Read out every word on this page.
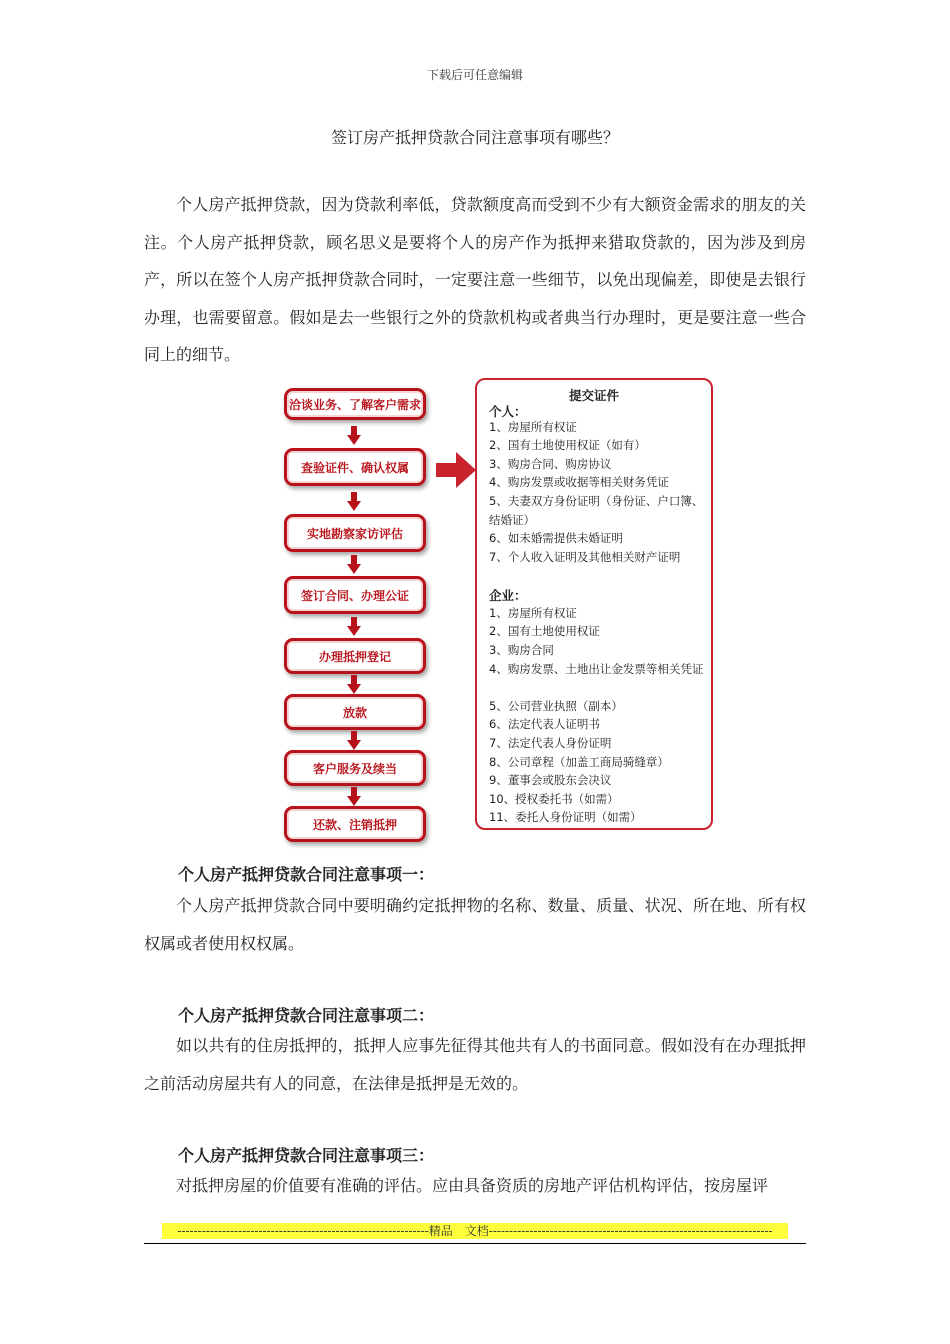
下载后可任意编辑
签订房产抵押贷款合同注意事项有哪些？

个人房产抵押贷款，因为贷款利率低，贷款额度高而受到不少有大额资金需求的朋友的关注。个人房产抵押贷款，顾名思义是要将个人的房产作为抵押来猎取贷款的，因为涉及到房产，所以在签个人房产抵押贷款合同时，一定要注意一些细节，以免出现偏差，即使是去银行办理，也需要留意。假如是去一些银行之外的贷款机构或者典当行办理时，更是要注意一些合同上的细节。

洽谈业务、了解客户需求
查验证件、确认权属
实地勘察家访评估
签订合同、办理公证
办理抵押登记
放款
客户服务及续当
还款、注销抵押
提交证件
个人：
1、房屋所有权证
2、国有土地使用权证（如有）
3、购房合同、购房协议
4、购房发票或收据等相关财务凭证
5、夫妻双方身份证明（身份证、户口簿、结婚证）
6、如未婚需提供未婚证明
7、个人收入证明及其他相关财产证明
企业：
1、房屋所有权证
2、国有土地使用权证
3、购房合同
4、购房发票、土地出让金发票等相关凭证
5、公司营业执照（副本）
6、法定代表人证明书
7、法定代表人身份证明
8、公司章程（加盖工商局骑缝章）
9、董事会或股东会决议
10、授权委托书（如需）
11、委托人身份证明（如需）

个人房产抵押贷款合同注意事项一：

个人房产抵押贷款合同中要明确约定抵押物的名称、数量、质量、状况、所在地、所有权权属或者使用权权属。

个人房产抵押贷款合同注意事项二：

如以共有的住房抵押的，抵押人应事先征得其他共有人的书面同意。假如没有在办理抵押之前活动房屋共有人的同意，在法律是抵押是无效的。

个人房产抵押贷款合同注意事项三：

对抵押房屋的价值要有准确的评估。应由具备资质的房地产评估机构评估，按房屋评

--------------------------------------------------------------精品　文档----------------------------------------------------------------------
